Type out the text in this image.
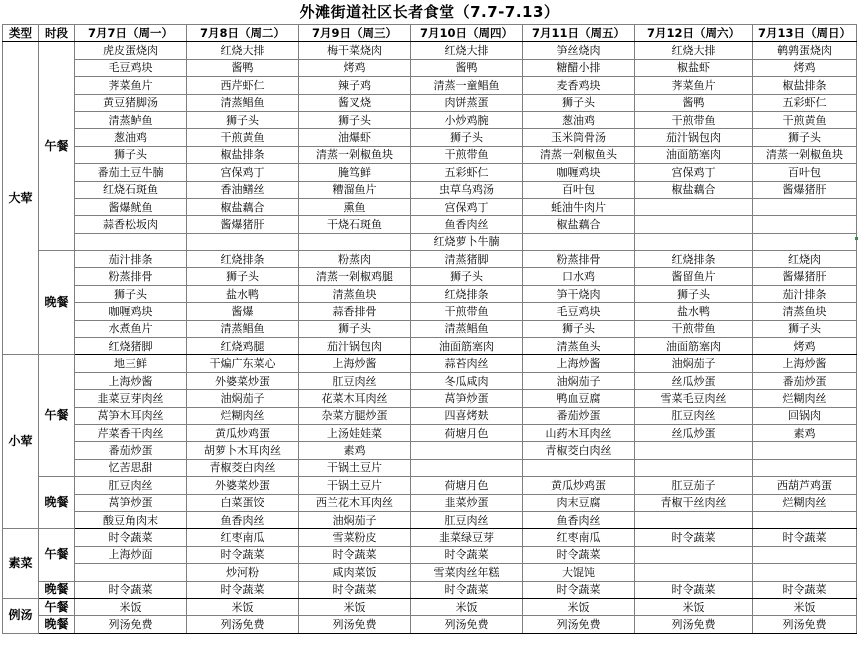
外滩街道社区长者食堂（7.7-7.13）
类型	时段	7月7日（周一）	7月8日（周二）	7月9日（周三）	7月10日（周四）	7月11日（周五）	7月12日（周六）	7月13日（周日）
大荤	午餐	虎皮蛋烧肉	红烧大排	梅干菜烧肉	红烧大排	笋丝烧肉	红烧大排	鹌鹑蛋烧肉
		毛豆鸡块	酱鸭	烤鸡	酱鸭	糖醋小排	椒盐虾	烤鸡
		荠菜鱼片	西芹虾仁	辣子鸡	清蒸一童鲳鱼	麦香鸡块	荠菜鱼片	椒盐排条
		黄豆猪脚汤	清蒸鲳鱼	酱叉烧	肉饼蒸蛋	狮子头	酱鸭	五彩虾仁
		清蒸鲈鱼	狮子头	狮子头	小炒鸡腕	葱油鸡	干煎带鱼	干煎黄鱼
		葱油鸡	干煎黄鱼	油爆虾	狮子头	玉米筒骨汤	茄汁锅包肉	狮子头
		狮子头	椒盐排条	清蒸一剁椒鱼块	干煎带鱼	清蒸一剁椒鱼头	油面筋塞肉	清蒸一剁椒鱼块
		番茄土豆牛腩	宫保鸡丁	腌笃鲜	五彩虾仁	咖喱鸡块	宫保鸡丁	百叶包
		红烧石斑鱼	香油鳝丝	糟溜鱼片	虫草乌鸡汤	百叶包	椒盐藕合	酱爆猪肝
		酱爆鱿鱼	椒盐藕合	熏鱼	宫保鸡丁	蚝油牛肉片		
		蒜香松坂肉	酱爆猪肝	干烧石斑鱼	鱼香肉丝	椒盐藕合		
					红烧萝卜牛腩			
	晚餐	茄汁排条	红烧排条	粉蒸肉	清蒸猪脚	粉蒸排骨	红烧排条	红烧肉
		粉蒸排骨	狮子头	清蒸一剁椒鸡腿	狮子头	口水鸡	酱留鱼片	酱爆猪肝
		狮子头	盐水鸭	清蒸鱼块	红烧排条	笋干烧肉	狮子头	茄汁排条
		咖喱鸡块	酱爆	蒜香排骨	干煎带鱼	毛豆鸡块	盐水鸭	清蒸鱼块
		水煮鱼片	清蒸鲳鱼	狮子头	清蒸鲳鱼	狮子头	干煎带鱼	狮子头
		红烧猪脚	红烧鸡腿	茄汁锅包肉	油面筋塞肉	清蒸鱼头	油面筋塞肉	烤鸡
小荤	午餐	地三鲜	干煸广东菜心	上海炒酱	蒜苔肉丝	上海炒酱	油焖茄子	上海炒酱
		上海炒酱	外婆菜炒蛋	肛豆肉丝	冬瓜咸肉	油焖茄子	丝瓜炒蛋	番茄炒蛋
		韭菜豆芽肉丝	油焖茄子	花菜木耳肉丝	莴笋炒蛋	鸭血豆腐	雪菜毛豆肉丝	烂糊肉丝
		莴笋木耳肉丝	烂糊肉丝	杂菜方腿炒蛋	四喜烤麸	番茄炒蛋	肛豆肉丝	回锅肉
		芹菜香干肉丝	黄瓜炒鸡蛋	上汤娃娃菜	荷塘月色	山药木耳肉丝	丝瓜炒蛋	素鸡
		番茄炒蛋	胡萝卜木耳肉丝	素鸡		青椒茭白肉丝		
		忆苦思甜	青椒茭白肉丝	干锅土豆片				
	晚餐	肛豆肉丝	外婆菜炒蛋	干锅土豆片	荷塘月色	黄瓜炒鸡蛋	肛豆茄子	西葫芦鸡蛋
		莴笋炒蛋	白菜蛋饺	西兰花木耳肉丝	韭菜炒蛋	肉末豆腐	青椒干丝肉丝	烂糊肉丝
		酸豆角肉末	鱼香肉丝	油焖茄子	肛豆肉丝	鱼香肉丝		
素菜	午餐	时令蔬菜	红枣南瓜	雪菜粉皮	韭菜绿豆芽	红枣南瓜	时令蔬菜	时令蔬菜
		上海炒面	时令蔬菜	时令蔬菜	时令蔬菜	时令蔬菜		
			炒河粉	咸肉菜饭	雪菜肉丝年糕	大馄饨		
	晚餐	时令蔬菜	时令蔬菜	时令蔬菜	时令蔬菜	时令蔬菜	时令蔬菜	时令蔬菜
例汤	午餐	米饭	米饭	米饭	米饭	米饭	米饭	米饭
	晚餐	列汤免费	列汤免费	列汤免费	列汤免费	列汤免费	列汤免费	列汤免费
